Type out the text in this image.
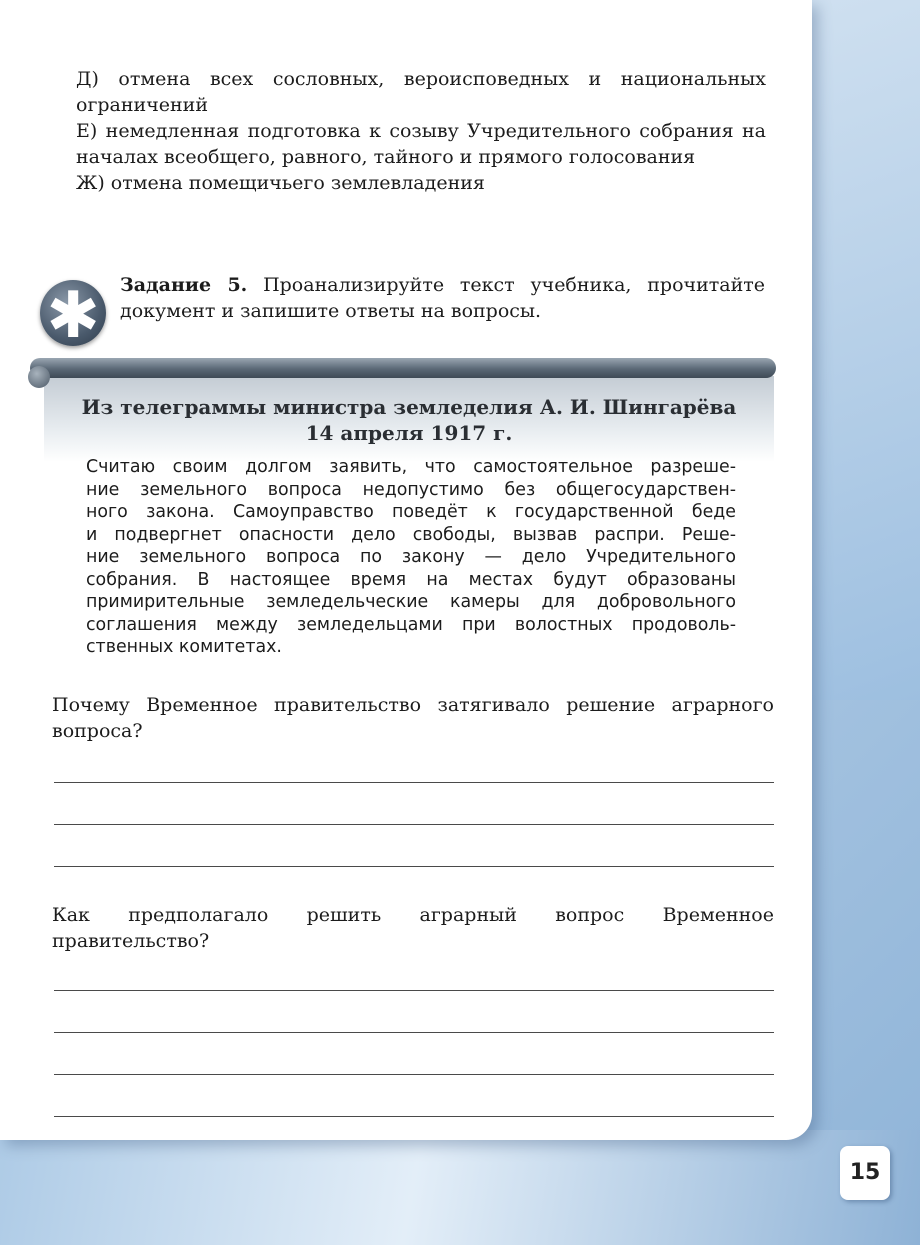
Д) отмена всех сословных, вероисповедных и национальных ограничений

Е) немедленная подготовка к созыву Учредительного собрания на началах всеобщего, равного, тайного и прямого голосования

Ж) отмена помещичьего землевладения

✱	Задание 5. Проанализируйте текст учебника, прочитайте документ и запишите ответы на вопросы.
Из телеграммы министра земледелия А. И. Шингарёва
14 апреля 1917 г.
Считаю своим долгом заявить, что самостоятельное разреше-
ние земельного вопроса недопустимо без общегосударствен-
ного закона. Самоуправство поведёт к государственной беде
и подвергнет опасности дело свободы, вызвав распри. Реше-
ние земельного вопроса по закону — дело Учредительного
собрания. В настоящее время на местах будут образованы
примирительные земледельческие камеры для добровольного
соглашения между земледельцами при волостных продоволь-
ственных комитетах.
Почему Временное правительство затягивало решение аграрного вопроса?
Как предполагало решить аграрный вопрос Временное правительство?
15
